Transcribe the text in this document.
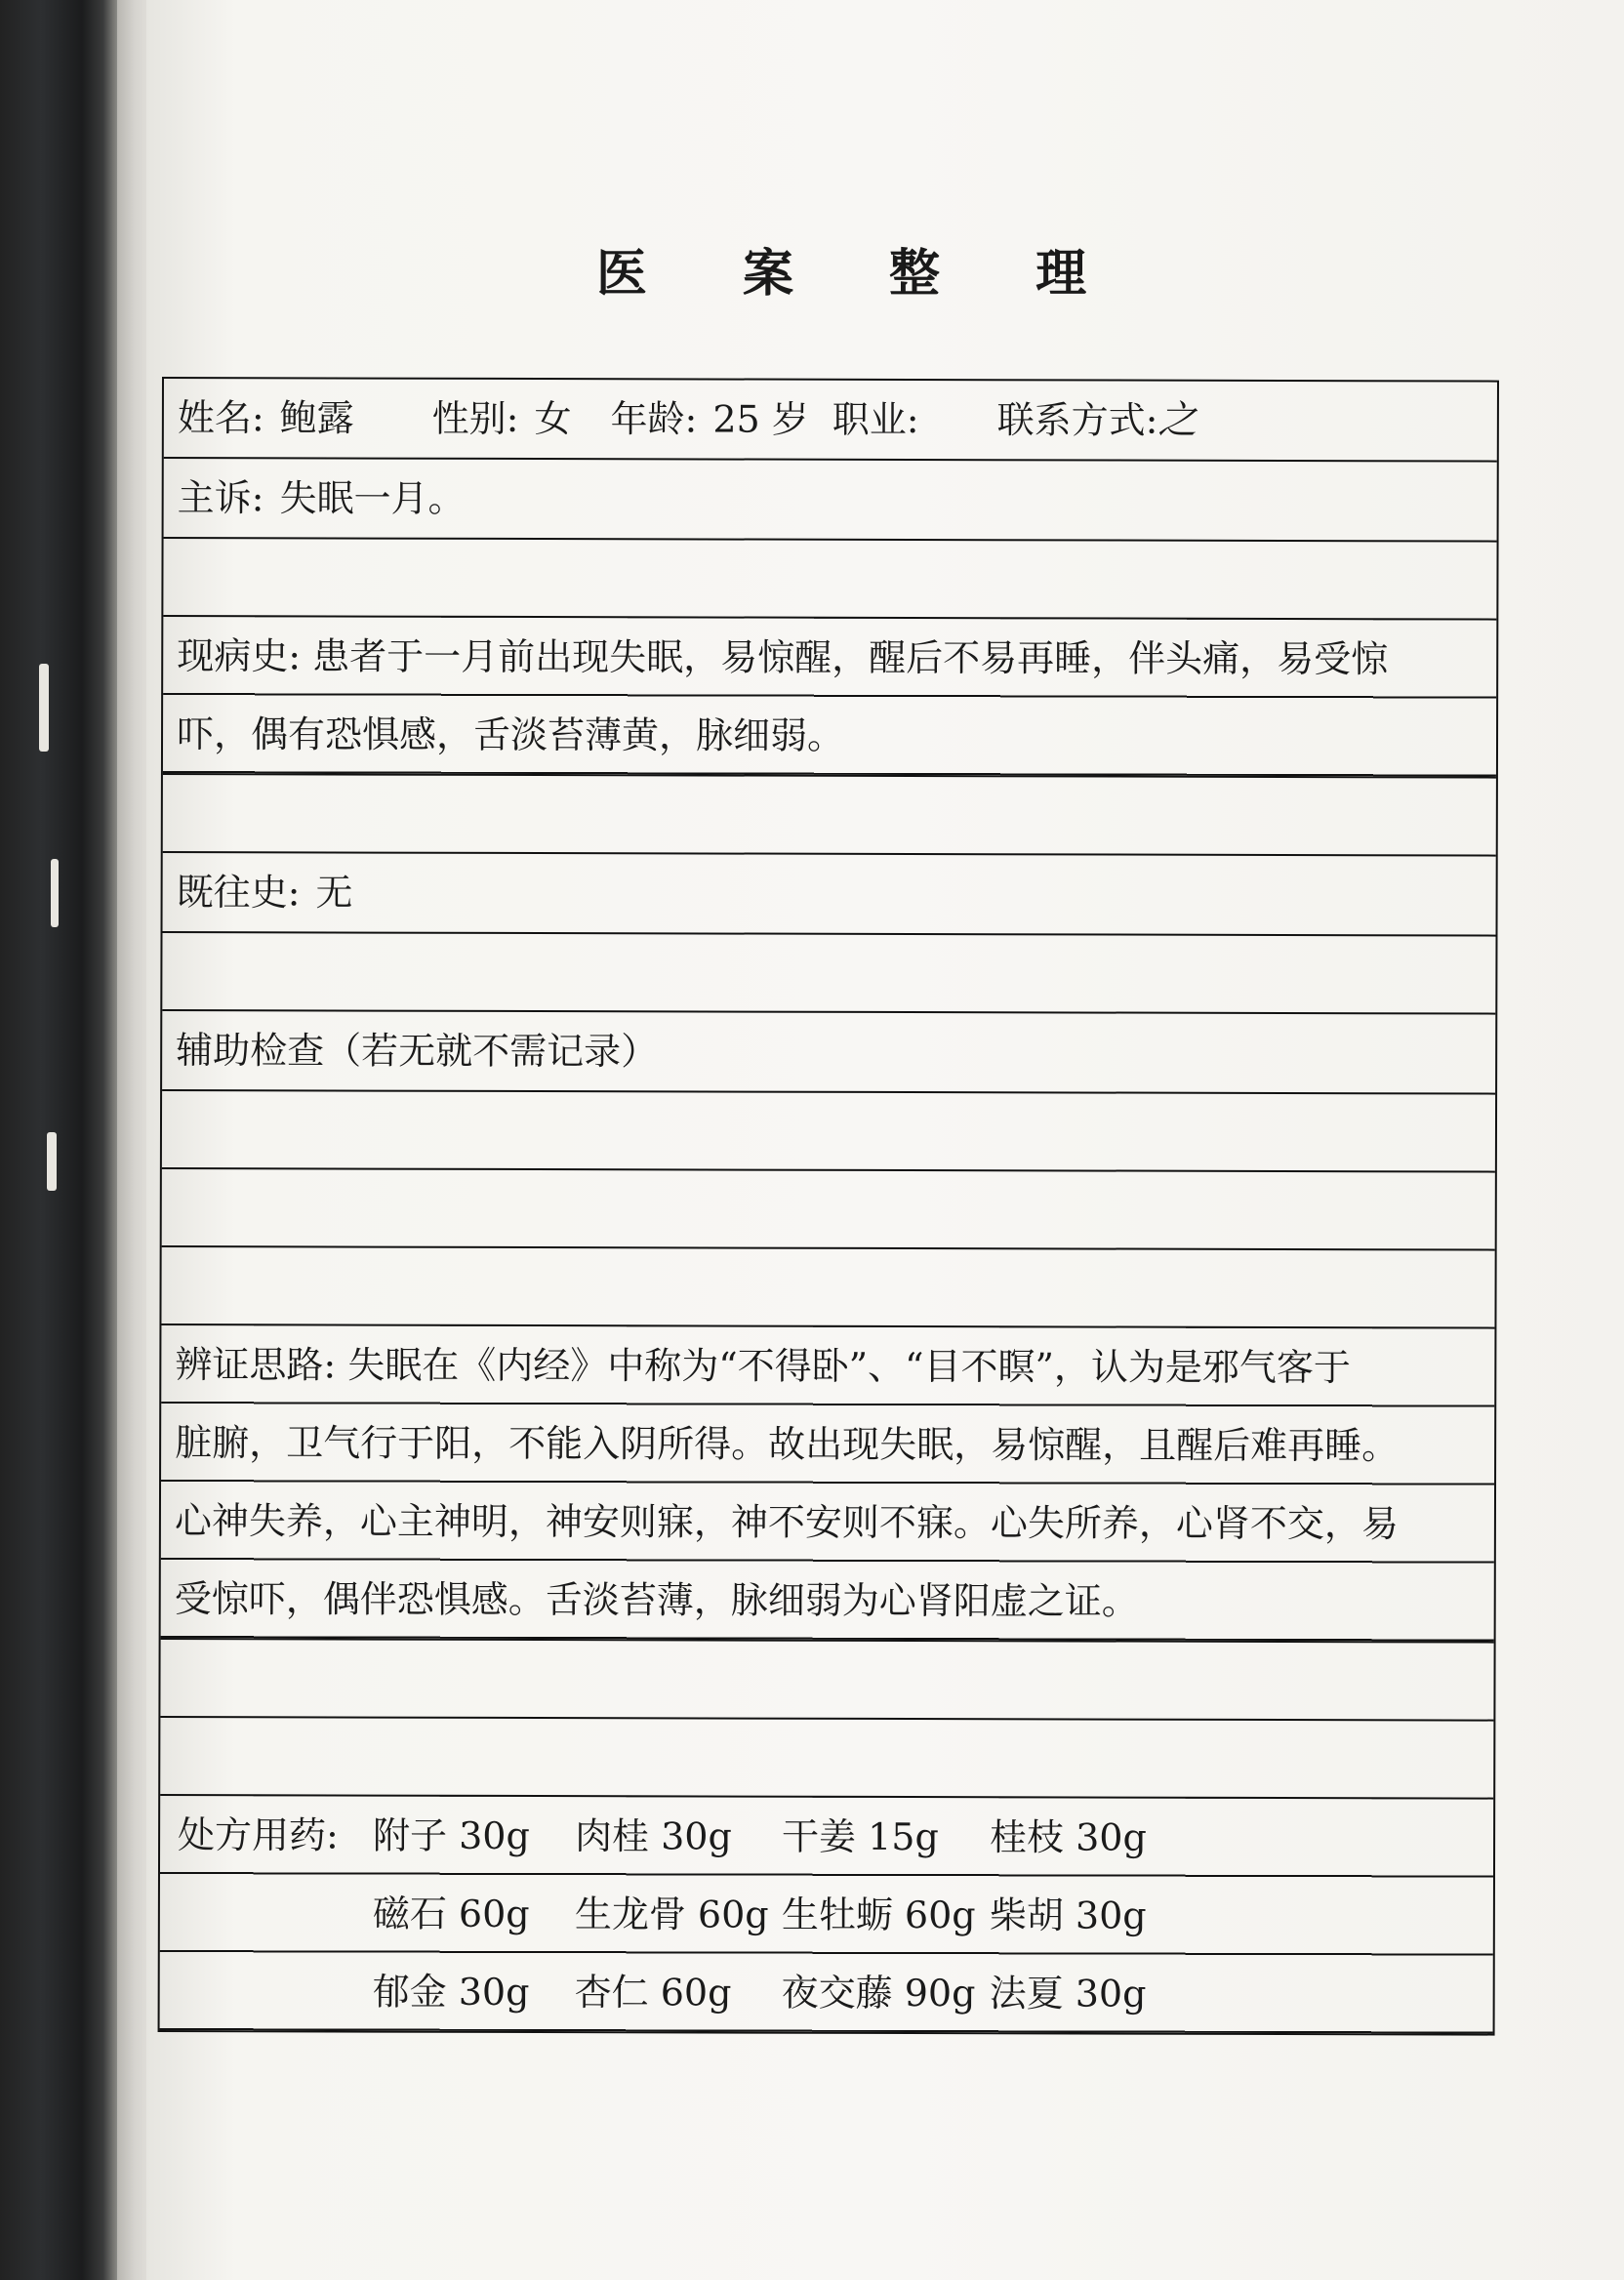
医 案 整 理
姓名: 鲍露 性别: 女 年龄: 25 岁 职业: 联系方式:之
主诉: 失眠一月。
现病史: 患者于一月前出现失眠，易惊醒，醒后不易再睡，伴头痛，易受惊
吓，偶有恐惧感，舌淡苔薄黄，脉细弱。
既往史: 无
辅助检查（若无就不需记录）
辨证思路: 失眠在《内经》中称为“不得卧”、“目不瞑”，认为是邪气客于
脏腑，卫气行于阳，不能入阴所得。故出现失眠，易惊醒，且醒后难再睡。
心神失养，心主神明，神安则寐，神不安则不寐。心失所养，心肾不交，易
受惊吓，偶伴恐惧感。舌淡苔薄，脉细弱为心肾阳虚之证。
处方用药: 附子 30g 肉桂 30g 干姜 15g 桂枝 30g
磁石 60g 生龙骨 60g 生牡蛎 60g 柴胡 30g
郁金 30g 杏仁 60g 夜交藤 90g 法夏 30g
